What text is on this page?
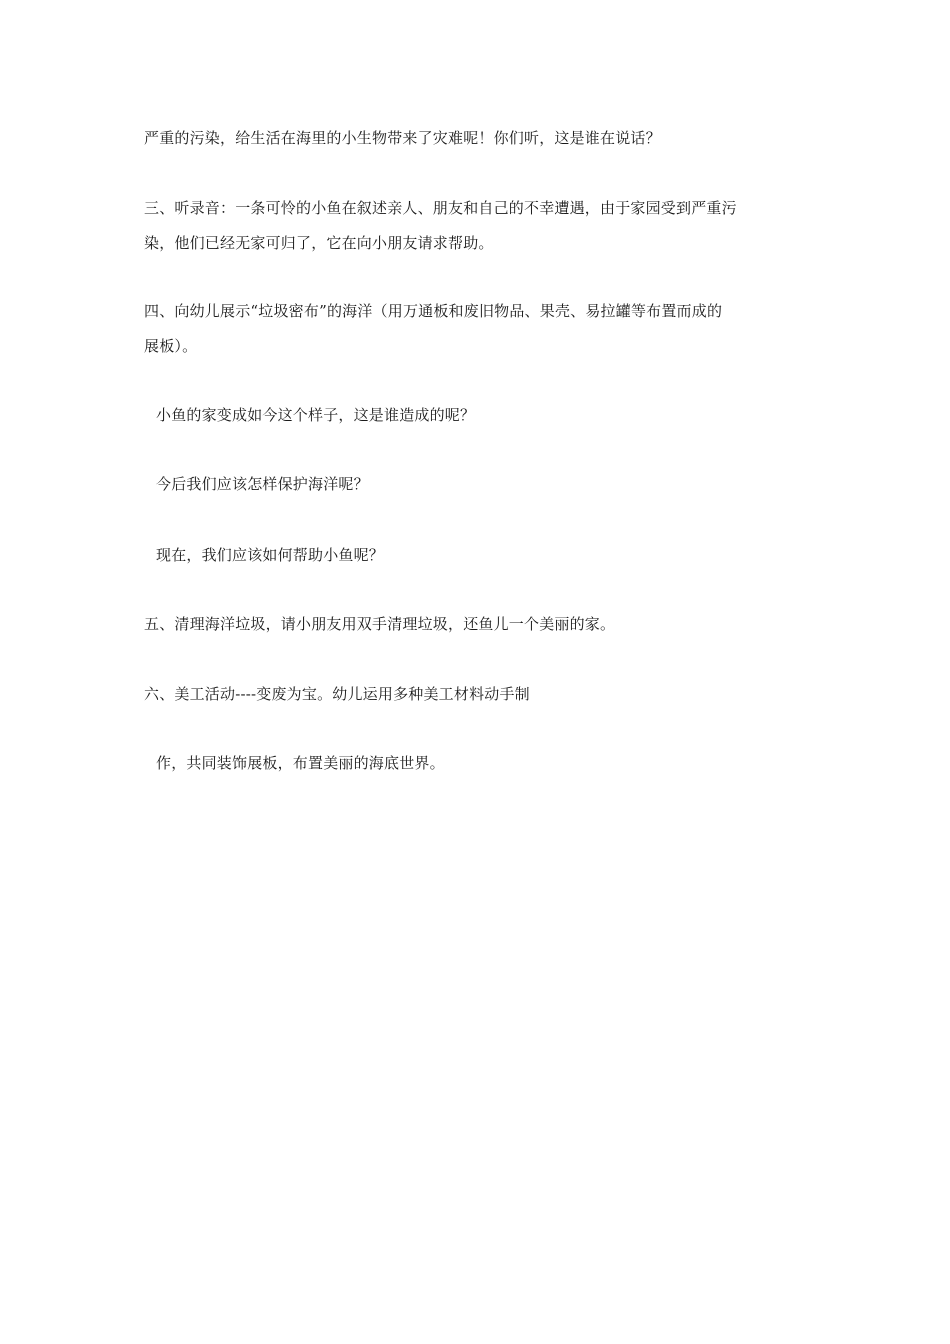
严重的污染，给生活在海里的小生物带来了灾难呢！你们听，这是谁在说话？
三、听录音：一条可怜的小鱼在叙述亲人、朋友和自己的不幸遭遇，由于家园受到严重污
染，他们已经无家可归了，它在向小朋友请求帮助。
四、向幼儿展示“垃圾密布”的海洋（用万通板和废旧物品、果壳、易拉罐等布置而成的
展板）。
小鱼的家变成如今这个样子，这是谁造成的呢？
今后我们应该怎样保护海洋呢？
现在，我们应该如何帮助小鱼呢？
五、清理海洋垃圾，请小朋友用双手清理垃圾，还鱼儿一个美丽的家。
六、美工活动----变废为宝。幼儿运用多种美工材料动手制
作，共同装饰展板，布置美丽的海底世界。
